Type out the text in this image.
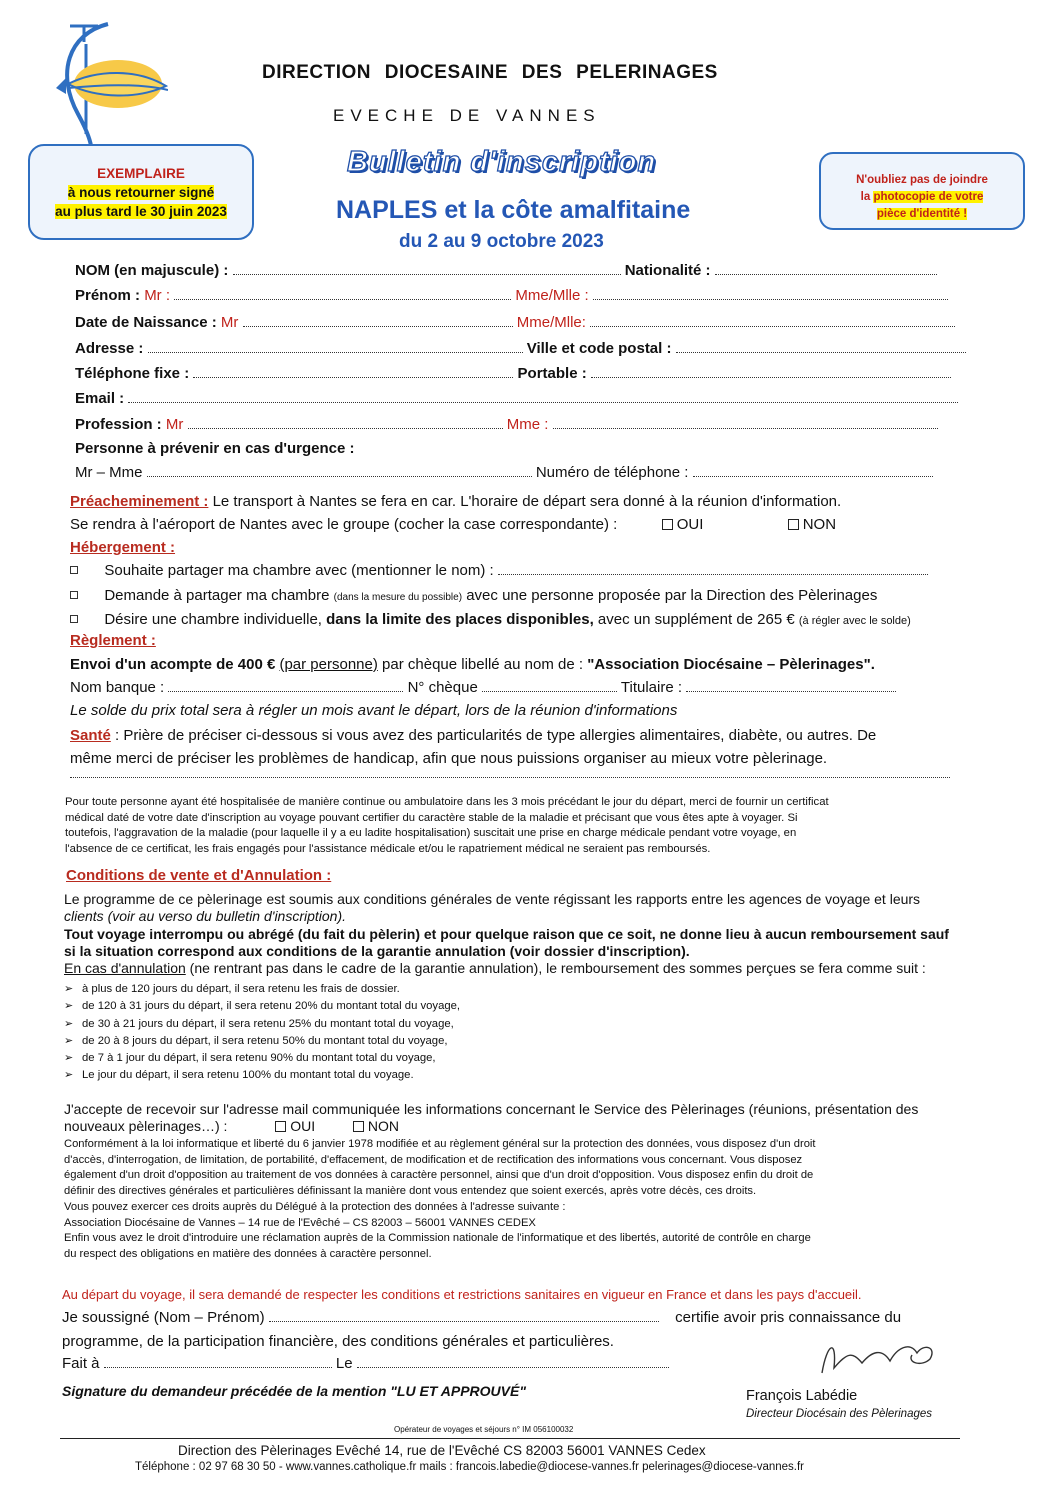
DIRECTION DIOCESAINE DES PELERINAGES
EVECHE DE VANNES
EXEMPLAIRE
à nous retourner signé
au plus tard le 30 juin 2023
N'oubliez pas de joindre
la photocopie de votre
pièce d'identité !
Bulletin d'inscription
NAPLES et la côte amalfitaine
du 2 au 9 octobre 2023
NOM (en majuscule) :	Nationalité :
Prénom : Mr :	Mme/Mlle :
Date de Naissance : Mr	Mme/Mlle:
Adresse :	Ville et code postal :
Téléphone fixe :	Portable :
Email :
Profession : Mr	Mme :
Personne à prévenir en cas d'urgence :
Mr – Mme	Numéro de téléphone :
Préacheminement : Le transport à Nantes se fera en car. L'horaire de départ sera donné à la réunion d'information.
Se rendra à l'aéroport de Nantes avec le groupe (cocher la case correspondante) :	OUI	NON
Hébergement :
Souhaite partager ma chambre avec (mentionner le nom) :
Demande à partager ma chambre (dans la mesure du possible) avec une personne proposée par la Direction des Pèlerinages
Désire une chambre individuelle, dans la limite des places disponibles, avec un supplément de 265 € (à régler avec le solde)
Règlement :
Envoi d'un acompte de 400 € (par personne) par chèque libellé au nom de : "Association Diocésaine – Pèlerinages".
Nom banque :	N° chèque	Titulaire :
Le solde du prix total sera à régler un mois avant le départ, lors de la réunion d'informations
Santé : Prière de préciser ci-dessous si vous avez des particularités de type allergies alimentaires, diabète, ou autres. De
même merci de préciser les problèmes de handicap, afin que nous puissions organiser au mieux votre pèlerinage.
Pour toute personne ayant été hospitalisée de manière continue ou ambulatoire dans les 3 mois précédant le jour du départ, merci de fournir un certificat
médical daté de votre date d'inscription au voyage pouvant certifier du caractère stable de la maladie et précisant que vous êtes apte à voyager. Si
toutefois, l'aggravation de la maladie (pour laquelle il y a eu ladite hospitalisation) suscitait une prise en charge médicale pendant votre voyage, en
l'absence de ce certificat, les frais engagés pour l'assistance médicale et/ou le rapatriement médical ne seraient pas remboursés.
Conditions de vente et d'Annulation :
Le programme de ce pèlerinage est soumis aux conditions générales de vente régissant les rapports entre les agences de voyage et leurs
clients (voir au verso du bulletin d'inscription).
Tout voyage interrompu ou abrégé (du fait du pèlerin) et pour quelque raison que ce soit, ne donne lieu à aucun remboursement sauf
si la situation correspond aux conditions de la garantie annulation (voir dossier d'inscription).
En cas d'annulation (ne rentrant pas dans le cadre de la garantie annulation), le remboursement des sommes perçues se fera comme suit :
➢ à plus de 120 jours du départ, il sera retenu les frais de dossier.
➢ de 120 à 31 jours du départ, il sera retenu 20% du montant total du voyage,
➢ de 30 à 21 jours du départ, il sera retenu 25% du montant total du voyage,
➢ de 20 à 8 jours du départ, il sera retenu 50% du montant total du voyage,
➢ de 7 à 1 jour du départ, il sera retenu 90% du montant total du voyage,
➢ Le jour du départ, il sera retenu 100% du montant total du voyage.
J'accepte de recevoir sur l'adresse mail communiquée les informations concernant le Service des Pèlerinages (réunions, présentation des
nouveaux pèlerinages…) :	OUI	NON
Conformément à la loi informatique et liberté du 6 janvier 1978 modifiée et au règlement général sur la protection des données, vous disposez d'un droit
d'accès, d'interrogation, de limitation, de portabilité, d'effacement, de modification et de rectification des informations vous concernant. Vous disposez
également d'un droit d'opposition au traitement de vos données à caractère personnel, ainsi que d'un droit d'opposition. Vous disposez enfin du droit de
définir des directives générales et particulières définissant la manière dont vous entendez que soient exercés, après votre décès, ces droits.
Vous pouvez exercer ces droits auprès du Délégué à la protection des données à l'adresse suivante :
Association Diocésaine de Vannes – 14 rue de l'Evêché – CS 82003 – 56001 VANNES CEDEX
Enfin vous avez le droit d'introduire une réclamation auprès de la Commission nationale de l'informatique et des libertés, autorité de contrôle en charge
du respect des obligations en matière des données à caractère personnel.
Au départ du voyage, il sera demandé de respecter les conditions et restrictions sanitaires en vigueur en France et dans les pays d'accueil.
Je soussigné (Nom – Prénom)	certifie avoir pris connaissance du
programme, de la participation financière, des conditions générales et particulières.
Fait à	Le
Signature du demandeur précédée de la mention "LU ET APPROUVÉ"	François Labédie
Directeur Diocésain des Pèlerinages
Opérateur de voyages et séjours n° IM 056100032
Direction des Pèlerinages Evêché 14, rue de l'Evêché CS 82003 56001 VANNES Cedex
Téléphone : 02 97 68 30 50 - www.vannes.catholique.fr mails : francois.labedie@diocese-vannes.fr pelerinages@diocese-vannes.fr
